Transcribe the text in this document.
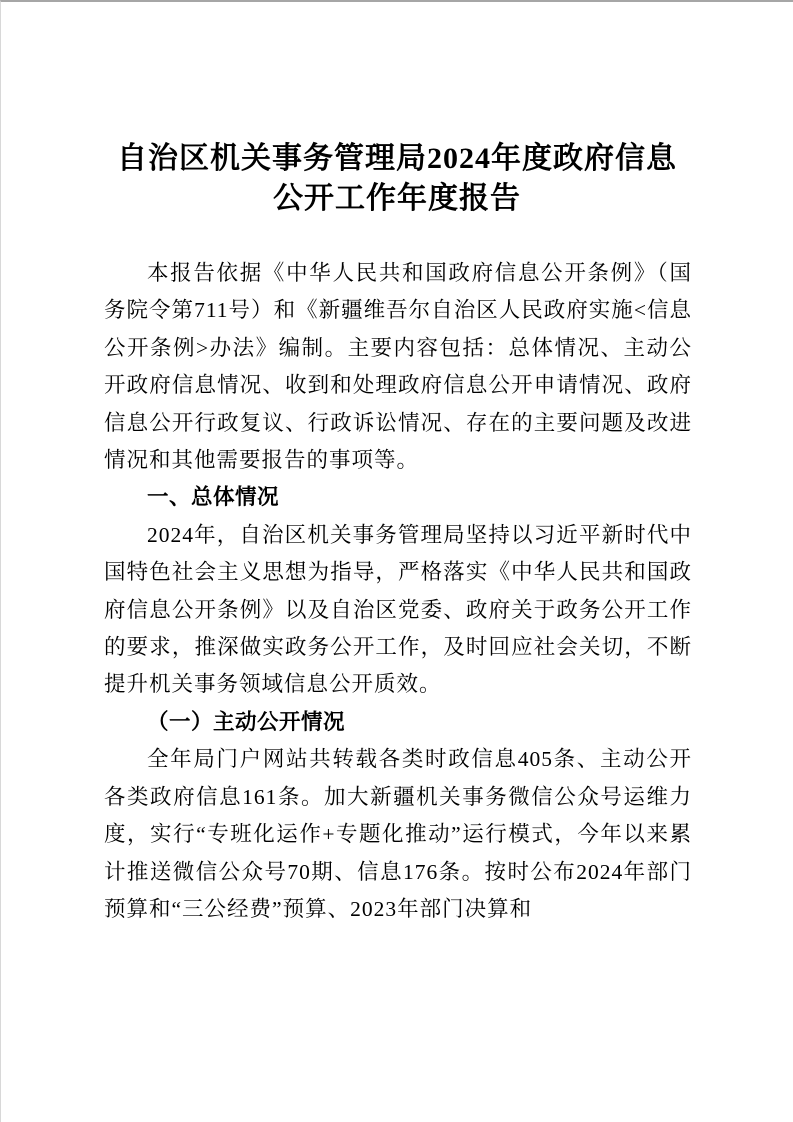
自治区机关事务管理局2024年度政府信息
公开工作年度报告

本报告依据《中华人民共和国政府信息公开条例》（国务院令第711号）和《新疆维吾尔自治区人民政府实施<信息公开条例>办法》编制。主要内容包括：总体情况、主动公开政府信息情况、收到和处理政府信息公开申请情况、政府信息公开行政复议、行政诉讼情况、存在的主要问题及改进情况和其他需要报告的事项等。

一、总体情况

2024年，自治区机关事务管理局坚持以习近平新时代中国特色社会主义思想为指导，严格落实《中华人民共和国政府信息公开条例》以及自治区党委、政府关于政务公开工作的要求，推深做实政务公开工作，及时回应社会关切，不断提升机关事务领域信息公开质效。

（一）主动公开情况

全年局门户网站共转载各类时政信息405条、主动公开各类政府信息161条。加大新疆机关事务微信公众号运维力度，实行“专班化运作+专题化推动”运行模式，今年以来累计推送微信公众号70期、信息176条。按时公布2024年部门预算和“三公经费”预算、2023年部门决算和
